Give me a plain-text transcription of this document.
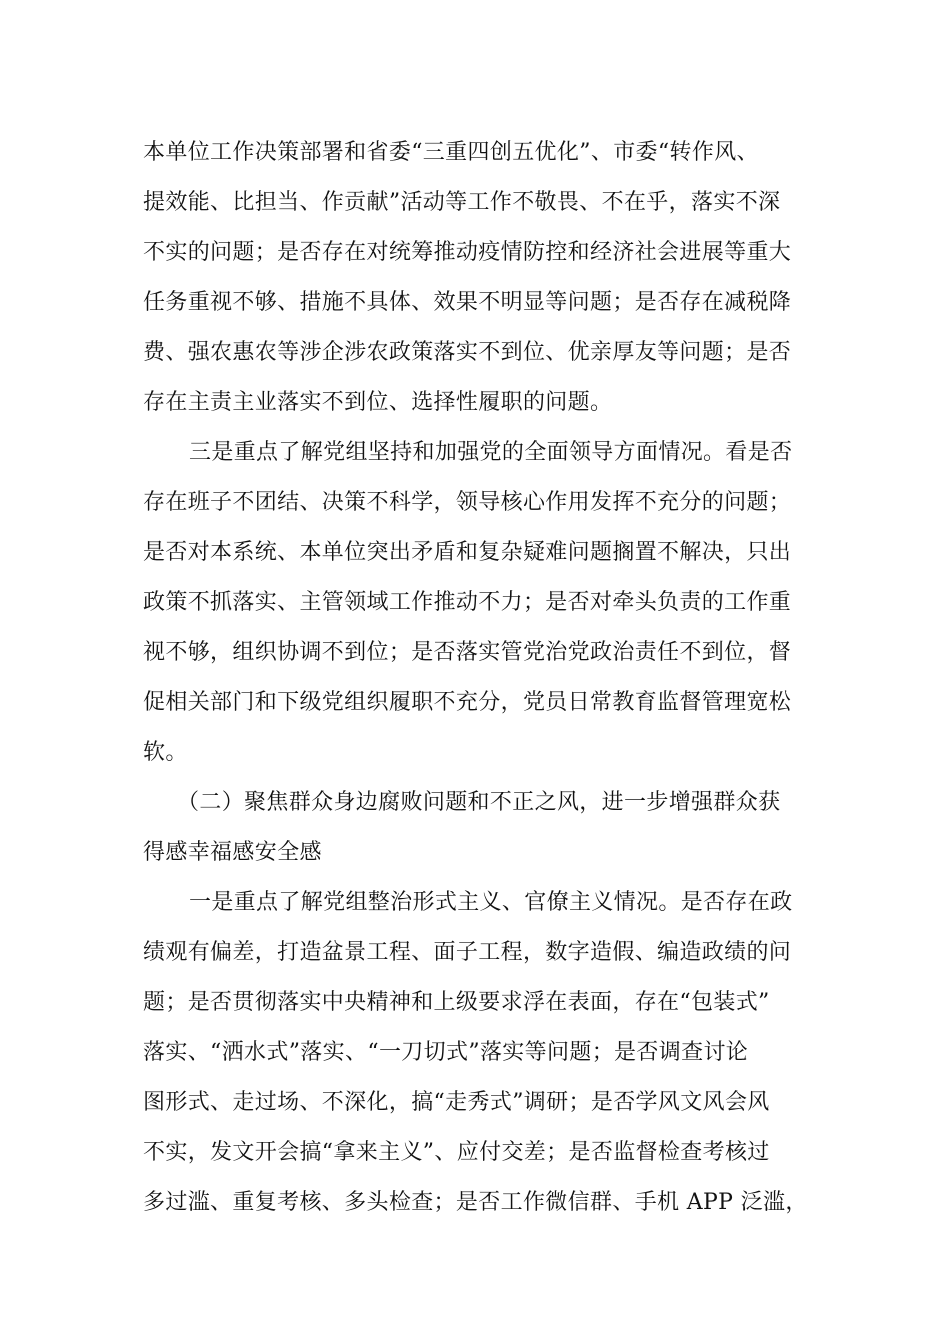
本单位工作决策部署和省委“三重四创五优化”、市委“转作风、
提效能、比担当、作贡献”活动等工作不敬畏、不在乎，落实不深
不实的问题；是否存在对统筹推动疫情防控和经济社会进展等重大
任务重视不够、措施不具体、效果不明显等问题；是否存在减税降
费、强农惠农等涉企涉农政策落实不到位、优亲厚友等问题；是否
存在主责主业落实不到位、选择性履职的问题。
三是重点了解党组坚持和加强党的全面领导方面情况。看是否
存在班子不团结、决策不科学，领导核心作用发挥不充分的问题；
是否对本系统、本单位突出矛盾和复杂疑难问题搁置不解决，只出
政策不抓落实、主管领域工作推动不力；是否对牵头负责的工作重
视不够，组织协调不到位；是否落实管党治党政治责任不到位，督
促相关部门和下级党组织履职不充分，党员日常教育监督管理宽松
软。
（二）聚焦群众身边腐败问题和不正之风，进一步增强群众获
得感幸福感安全感
一是重点了解党组整治形式主义、官僚主义情况。是否存在政
绩观有偏差，打造盆景工程、面子工程，数字造假、编造政绩的问
题；是否贯彻落实中央精神和上级要求浮在表面，存在“包装式”
落实、“洒水式”落实、“一刀切式”落实等问题；是否调查讨论
图形式、走过场、不深化，搞“走秀式”调研；是否学风文风会风
不实，发文开会搞“拿来主义”、应付交差；是否监督检查考核过
多过滥、重复考核、多头检查；是否工作微信群、手机 APP 泛滥，
